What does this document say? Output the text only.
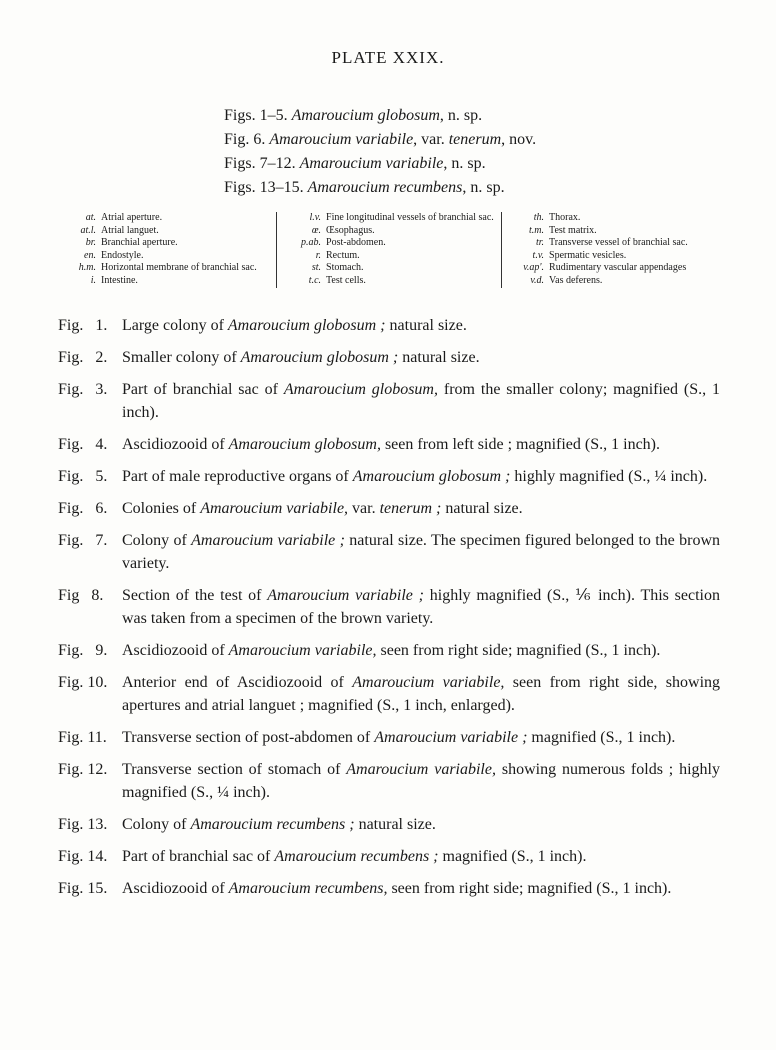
PLATE XXIX.
Figs. 1–5. Amaroucium globosum, n. sp.
Fig. 6. Amaroucium variabile, var. tenerum, nov.
Figs. 7–12. Amaroucium variabile, n. sp.
Figs. 13–15. Amaroucium recumbens, n. sp.
at. Atrial aperture.
at.l. Atrial languet.
br. Branchial aperture.
en. Endostyle.
h.m. Horizontal membrane of branchial sac.
i. Intestine.
l.v. Fine longitudinal vessels of branchial sac.
œ. Œsophagus.
p.ab. Post-abdomen.
r. Rectum.
st. Stomach.
t.c. Test cells.
th. Thorax.
t.m. Test matrix.
tr. Transverse vessel of branchial sac.
t.v. Spermatic vesicles.
v.ap'. Rudimentary vascular appendages
v.d. Vas deferens.
Fig.   1. Large colony of Amaroucium globosum ; natural size.
Fig.   2. Smaller colony of Amaroucium globosum ; natural size.
Fig.   3. Part of branchial sac of Amaroucium globosum, from the smaller colony; magnified (S., 1 inch).
Fig.   4. Ascidiozooid of Amaroucium globosum, seen from left side ; magnified (S., 1 inch).
Fig.   5. Part of male reproductive organs of Amaroucium globosum ; highly magnified (S., ¼ inch).
Fig.   6. Colonies of Amaroucium variabile, var. tenerum ; natural size.
Fig.   7. Colony of Amaroucium variabile ; natural size. The specimen figured belonged to the brown variety.
Fig   8.	Section of the test of Amaroucium variabile ; highly magnified (S., ⅙ inch). This section was taken from a specimen of the brown variety.
Fig.   9. Ascidiozooid of Amaroucium variabile, seen from right side; magnified (S., 1 inch).
Fig. 10. Anterior end of Ascidiozooid of Amaroucium variabile, seen from right side, showing apertures and atrial languet ; magnified (S., 1 inch, enlarged).
Fig. 11. Transverse section of post-abdomen of Amaroucium variabile ; magnified (S., 1 inch).
Fig. 12. Transverse section of stomach of Amaroucium variabile, showing numerous folds ; highly magnified (S., ¼ inch).
Fig. 13. Colony of Amaroucium recumbens ; natural size.
Fig. 14. Part of branchial sac of Amaroucium recumbens ; magnified (S., 1 inch).
Fig. 15. Ascidiozooid of Amaroucium recumbens, seen from right side; magnified (S., 1 inch).
